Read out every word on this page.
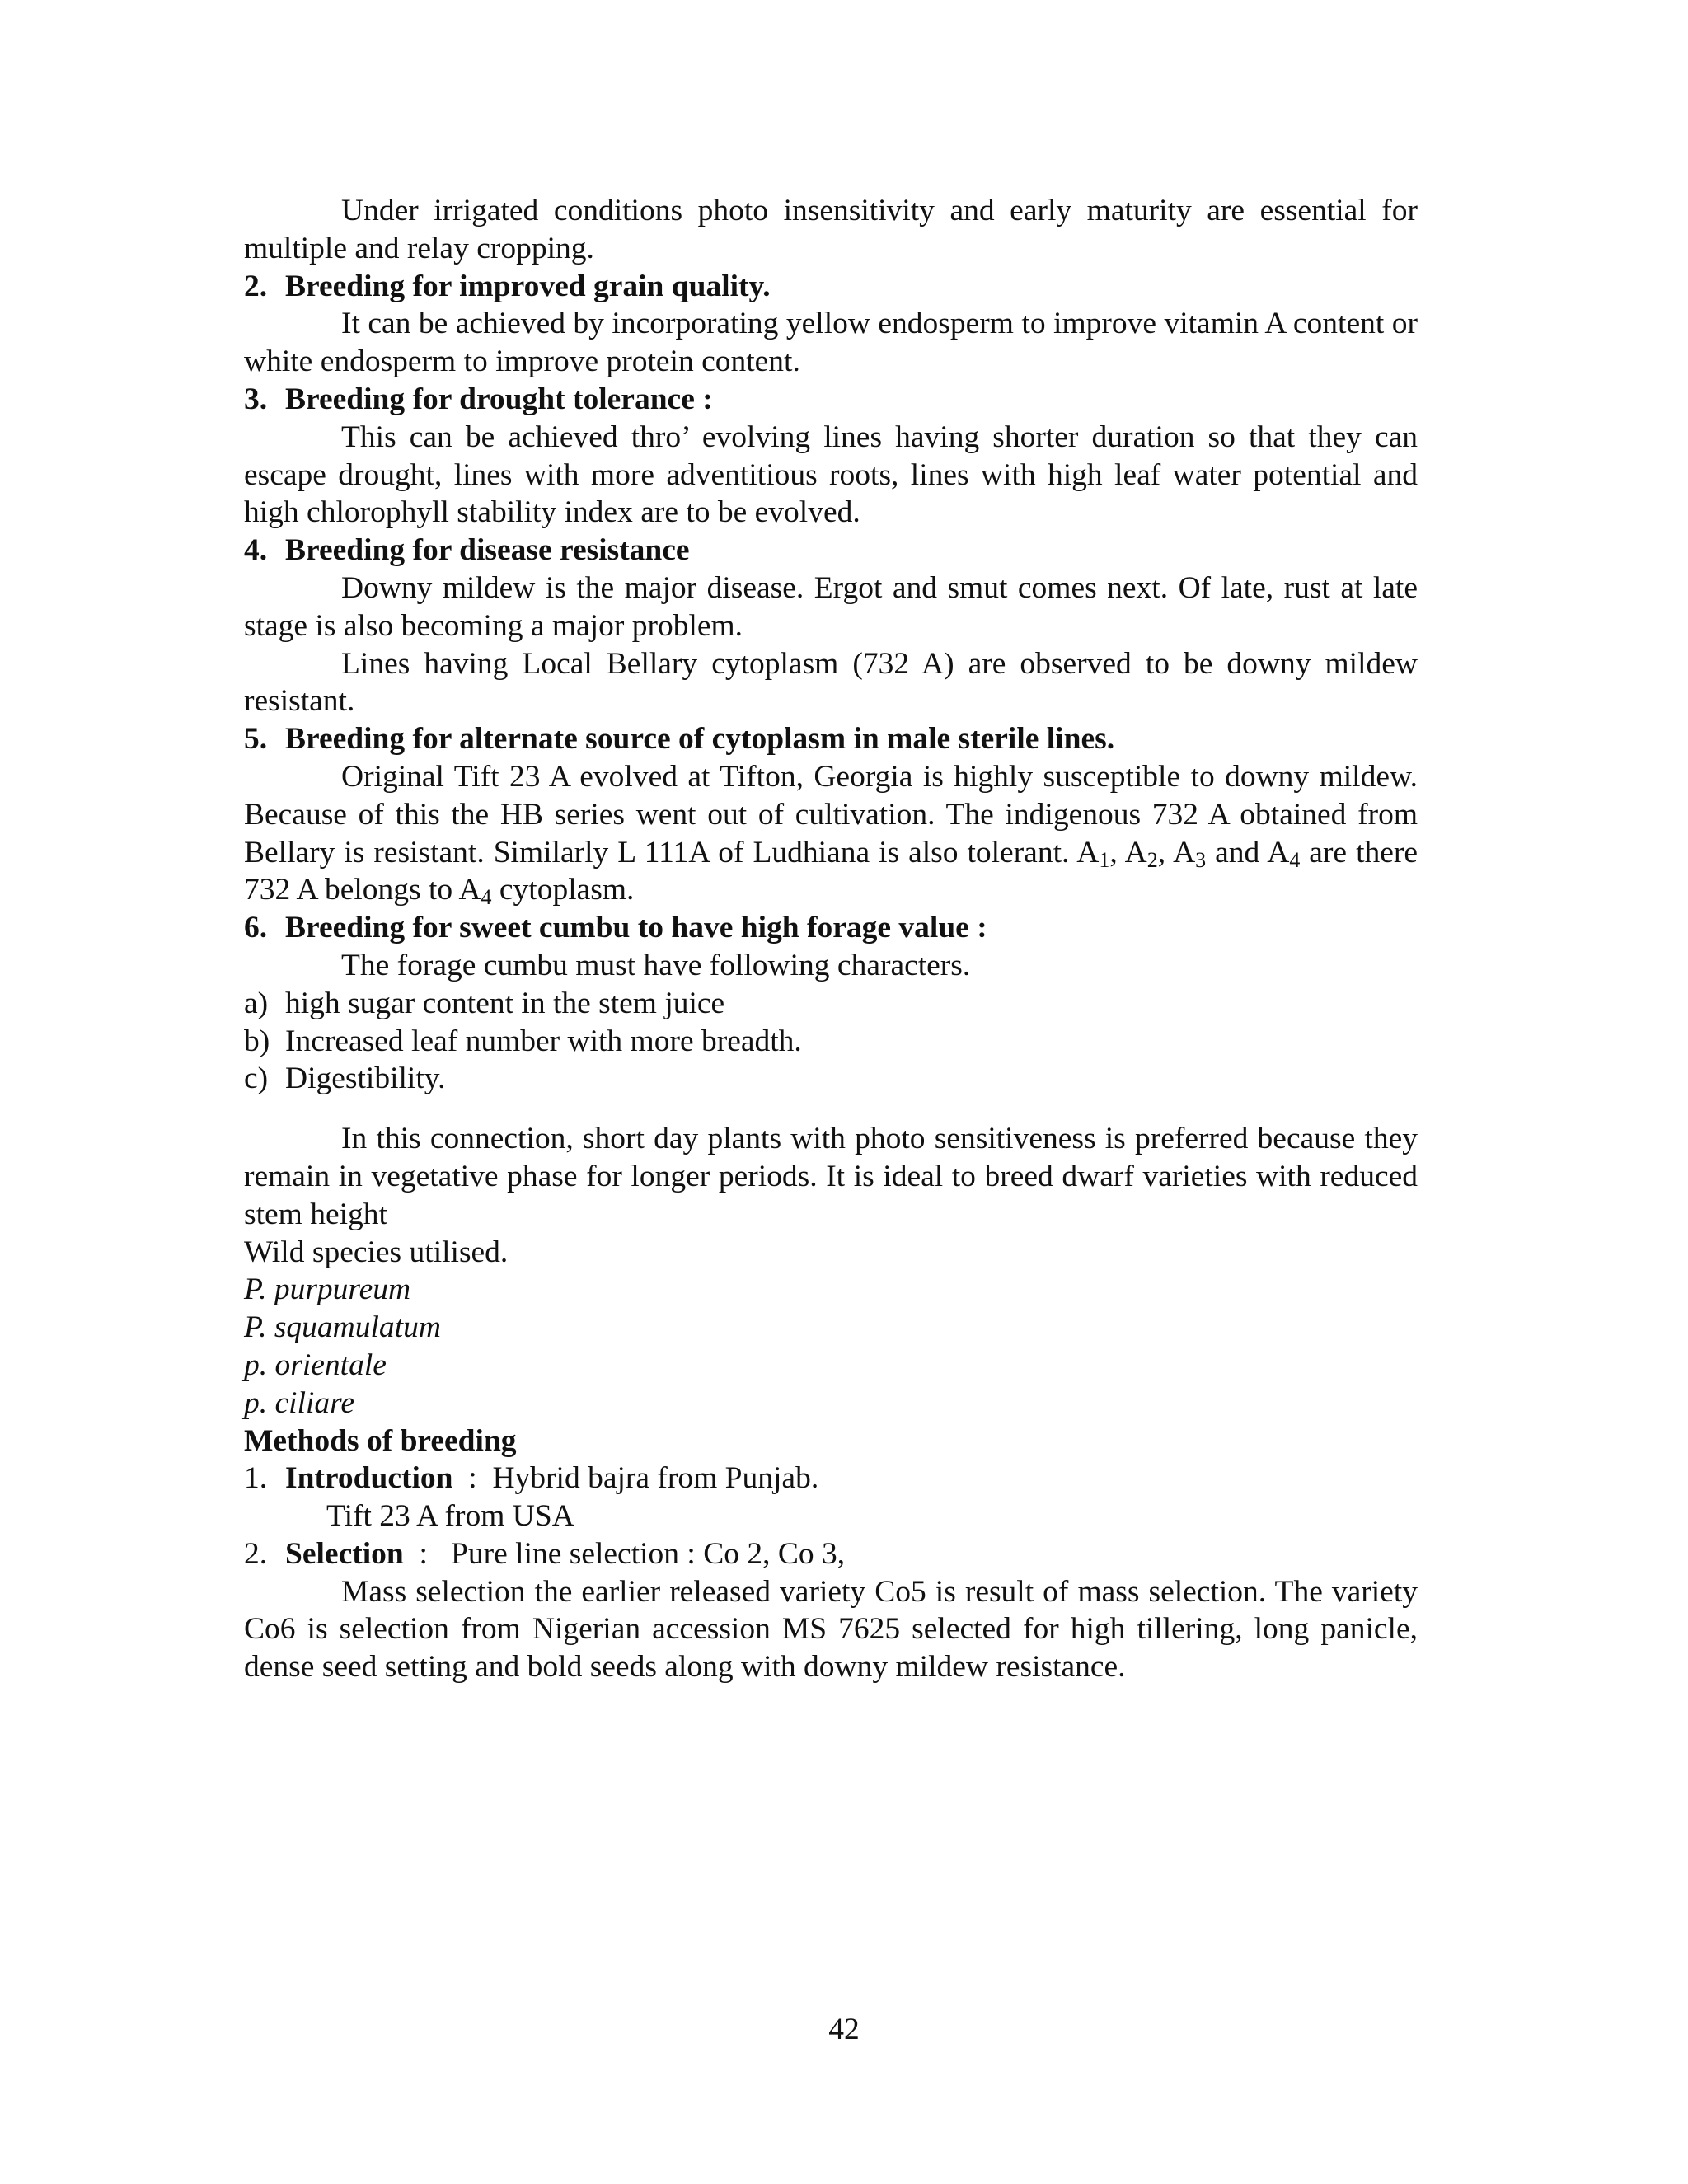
Under irrigated conditions photo insensitivity and early maturity are essential for multiple and relay cropping.

2. Breeding for improved grain quality.

It can be achieved by incorporating yellow endosperm to improve vitamin A content or white endosperm to improve protein content.

3. Breeding for drought tolerance :

This can be achieved thro’ evolving lines having shorter duration so that they can escape drought, lines with more adventitious roots, lines with high leaf water potential and high chlorophyll stability index are to be evolved.

4. Breeding for disease resistance

Downy mildew is the major disease. Ergot and smut comes next. Of late, rust at late stage is also becoming a major problem.

Lines having Local Bellary cytoplasm (732 A) are observed to be downy mildew resistant.

5. Breeding for alternate source of cytoplasm in male sterile lines.

Original Tift 23 A evolved at Tifton, Georgia is highly susceptible to downy mildew. Because of this the HB series went out of cultivation. The indigenous 732 A obtained from Bellary is resistant. Similarly L 111A of Ludhiana is also tolerant. $A_1$, $A_2$, $A_3$ and $A_4$ are there 732 A belongs to $A_4$ cytoplasm.

6. Breeding for sweet cumbu to have high forage value :

The forage cumbu must have following characters.

a) high sugar content in the stem juice
b) Increased leaf number with more breadth.
c) Digestibility.

In this connection, short day plants with photo sensitiveness is preferred because they remain in vegetative phase for longer periods. It is ideal to breed dwarf varieties with reduced stem height

Wild species utilised.

P. purpureum

P. squamulatum

p. orientale

p. ciliare

Methods of breeding
1. Introduction  :  Hybrid bajra from Punjab.
Tift 23 A from USA
2. Selection  :   Pure line selection : Co 2, Co 3,

Mass selection the earlier released variety Co5 is result of mass selection. The variety Co6 is selection from Nigerian accession MS 7625 selected for high tillering, long panicle, dense seed setting and bold seeds along with downy mildew resistance.

42
